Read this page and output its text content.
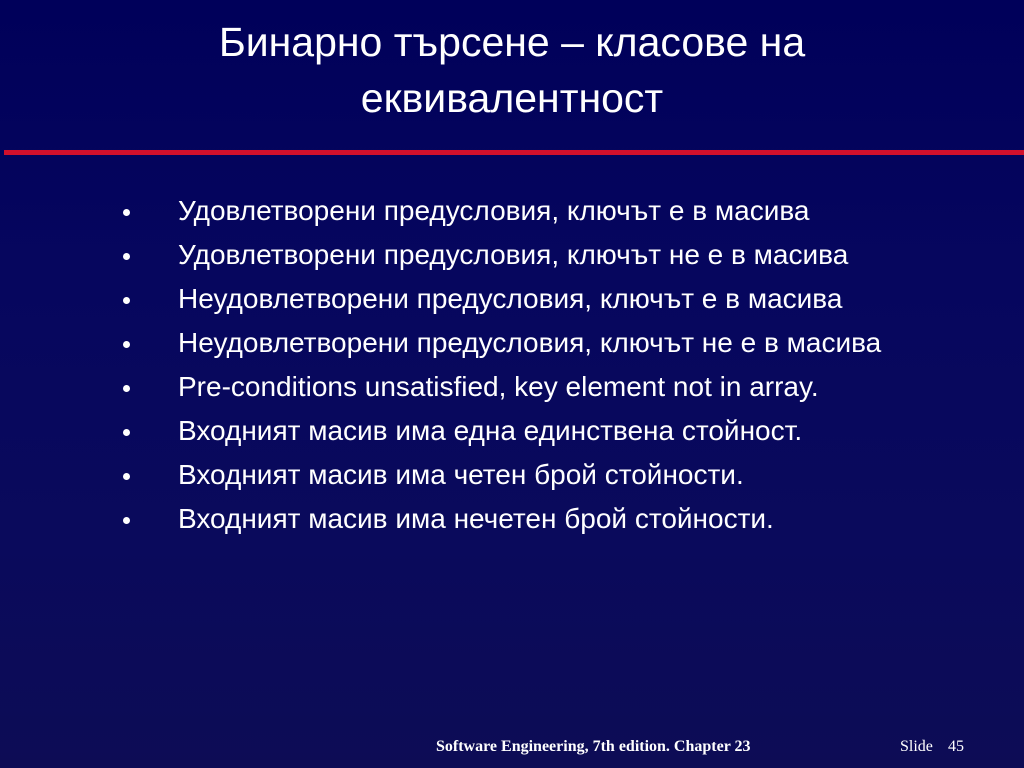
Бинарно търсене – класове на
еквивалентност
Удовлетворени предусловия, ключът е в масива
Удовлетворени предусловия, ключът не е в масива
Неудовлетворени предусловия, ключът е в масива
Неудовлетворени предусловия, ключът не е в масива
Pre-conditions unsatisfied, key element not in array.
Входният масив има една единствена стойност.
Входният масив има четен брой стойности.
Входният масив има нечетен брой стойности.
Software Engineering, 7th edition. Chapter 23	Slide 45
